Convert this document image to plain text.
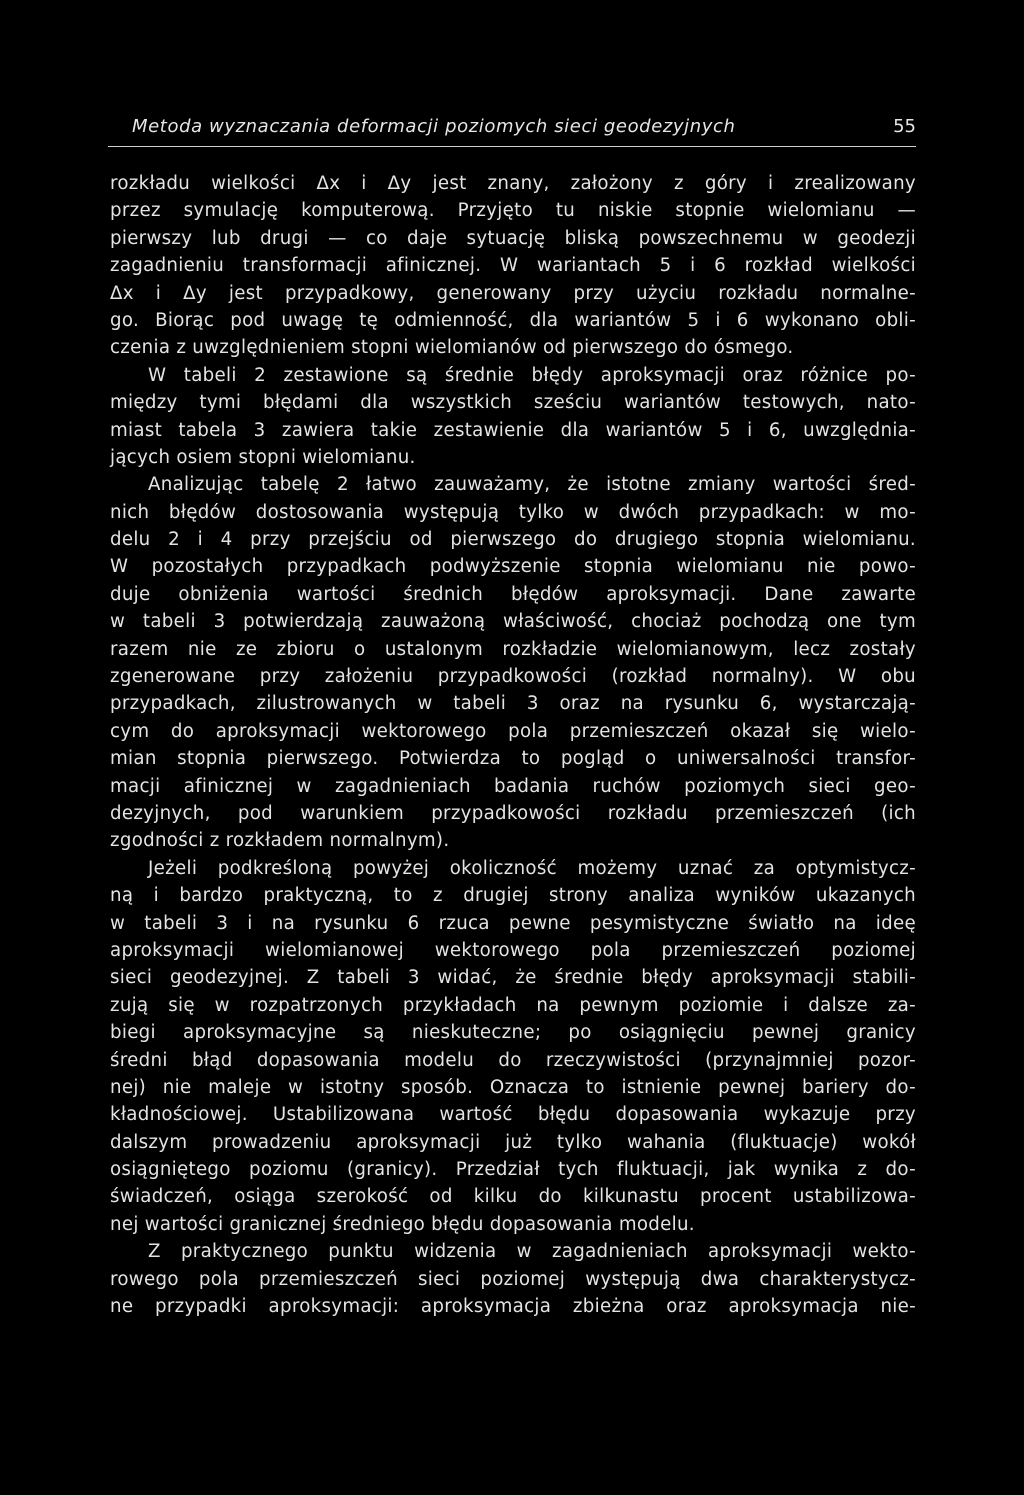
Metoda wyznaczania deformacji poziomych sieci geodezyjnych	55
rozkładu wielkości Δx i Δy jest znany, założony z góry i zrealizowany
przez symulację komputerową. Przyjęto tu niskie stopnie wielomianu —
pierwszy lub drugi — co daje sytuację bliską powszechnemu w geodezji
zagadnieniu transformacji afinicznej. W wariantach 5 i 6 rozkład wielkości
Δx i Δy jest przypadkowy, generowany przy użyciu rozkładu normalne-
go. Biorąc pod uwagę tę odmienność, dla wariantów 5 i 6 wykonano obli-
czenia z uwzględnieniem stopni wielomianów od pierwszego do ósmego.
W tabeli 2 zestawione są średnie błędy aproksymacji oraz różnice po-
między tymi błędami dla wszystkich sześciu wariantów testowych, nato-
miast tabela 3 zawiera takie zestawienie dla wariantów 5 i 6, uwzględnia-
jących osiem stopni wielomianu.
Analizując tabelę 2 łatwo zauważamy, że istotne zmiany wartości śred-
nich błędów dostosowania występują tylko w dwóch przypadkach: w mo-
delu 2 i 4 przy przejściu od pierwszego do drugiego stopnia wielomianu.
W pozostałych przypadkach podwyższenie stopnia wielomianu nie powo-
duje obniżenia wartości średnich błędów aproksymacji. Dane zawarte
w tabeli 3 potwierdzają zauważoną właściwość, chociaż pochodzą one tym
razem nie ze zbioru o ustalonym rozkładzie wielomianowym, lecz zostały
zgenerowane przy założeniu przypadkowości (rozkład normalny). W obu
przypadkach, zilustrowanych w tabeli 3 oraz na rysunku 6, wystarczają-
cym do aproksymacji wektorowego pola przemieszczeń okazał się wielo-
mian stopnia pierwszego. Potwierdza to pogląd o uniwersalności transfor-
macji afinicznej w zagadnieniach badania ruchów poziomych sieci geo-
dezyjnych, pod warunkiem przypadkowości rozkładu przemieszczeń (ich
zgodności z rozkładem normalnym).
Jeżeli podkreśloną powyżej okoliczność możemy uznać za optymistycz-
ną i bardzo praktyczną, to z drugiej strony analiza wyników ukazanych
w tabeli 3 i na rysunku 6 rzuca pewne pesymistyczne światło na ideę
aproksymacji wielomianowej wektorowego pola przemieszczeń poziomej
sieci geodezyjnej. Z tabeli 3 widać, że średnie błędy aproksymacji stabili-
zują się w rozpatrzonych przykładach na pewnym poziomie i dalsze za-
biegi aproksymacyjne są nieskuteczne; po osiągnięciu pewnej granicy
średni błąd dopasowania modelu do rzeczywistości (przynajmniej pozor-
nej) nie maleje w istotny sposób. Oznacza to istnienie pewnej bariery do-
kładnościowej. Ustabilizowana wartość błędu dopasowania wykazuje przy
dalszym prowadzeniu aproksymacji już tylko wahania (fluktuacje) wokół
osiągniętego poziomu (granicy). Przedział tych fluktuacji, jak wynika z do-
świadczeń, osiąga szerokość od kilku do kilkunastu procent ustabilizowa-
nej wartości granicznej średniego błędu dopasowania modelu.
Z praktycznego punktu widzenia w zagadnieniach aproksymacji wekto-
rowego pola przemieszczeń sieci poziomej występują dwa charakterystycz-
ne przypadki aproksymacji: aproksymacja zbieżna oraz aproksymacja nie-
